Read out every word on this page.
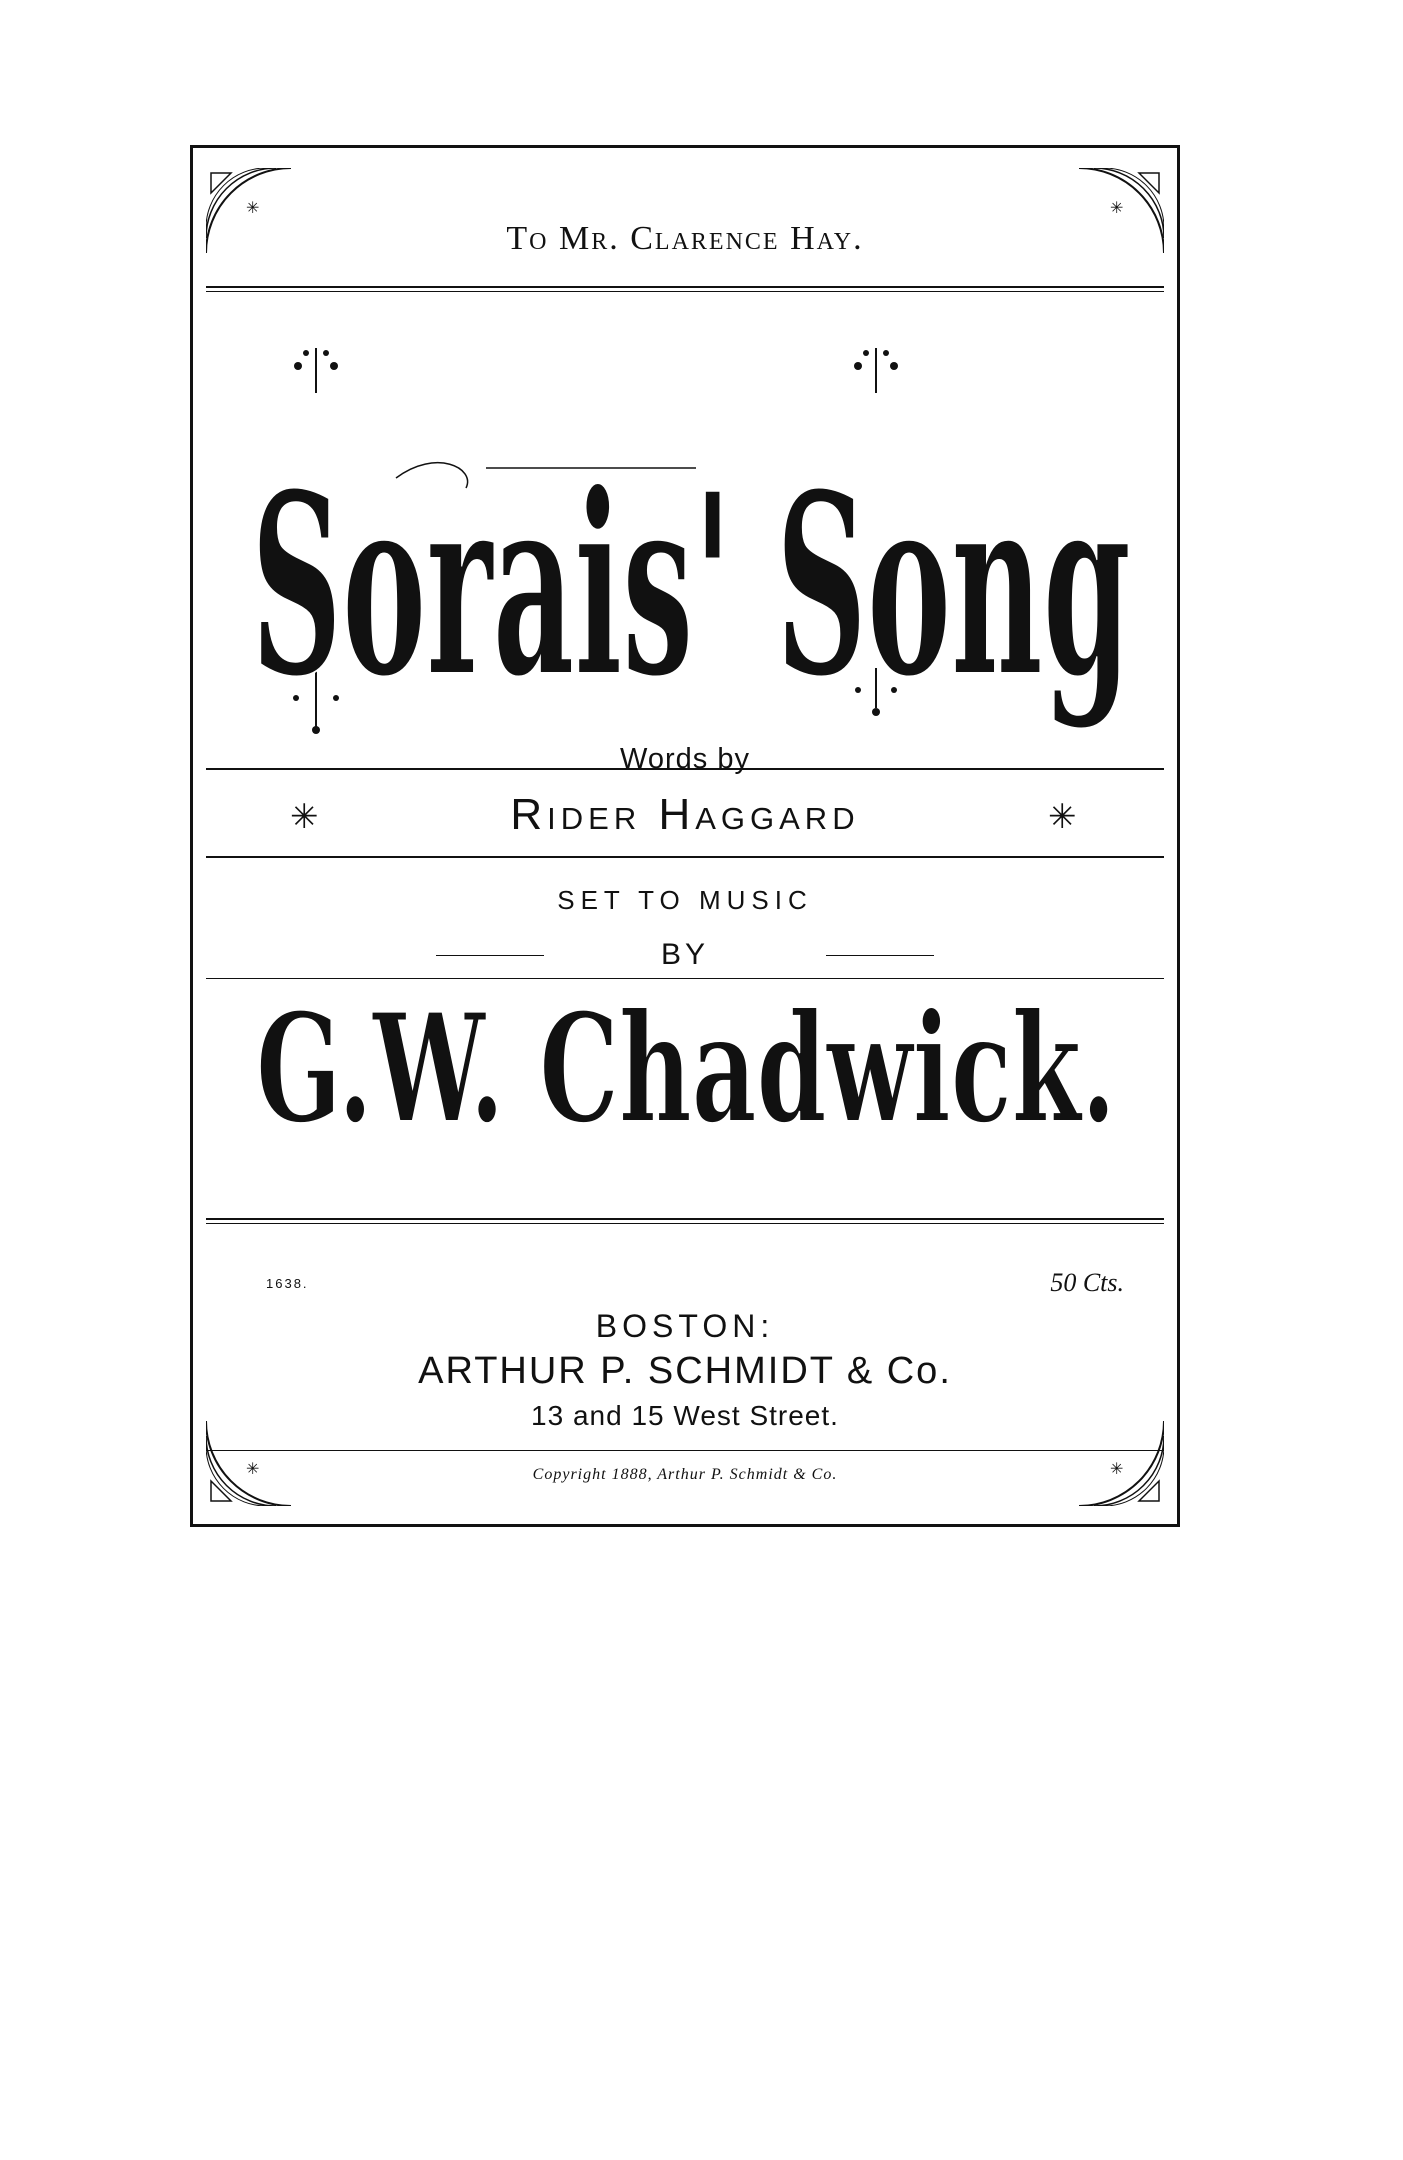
✳	✳
✳	✳
To Mr. Clarence Hay.
Sorais' Song
Words by
✳	✳
Rider Haggard
SET TO MUSIC
BY
G.W. Chadwick.
1638.	50 Cts.
BOSTON:
ARTHUR P. SCHMIDT & Co.
13 and 15 West Street.
Copyright 1888, Arthur P. Schmidt & Co.
